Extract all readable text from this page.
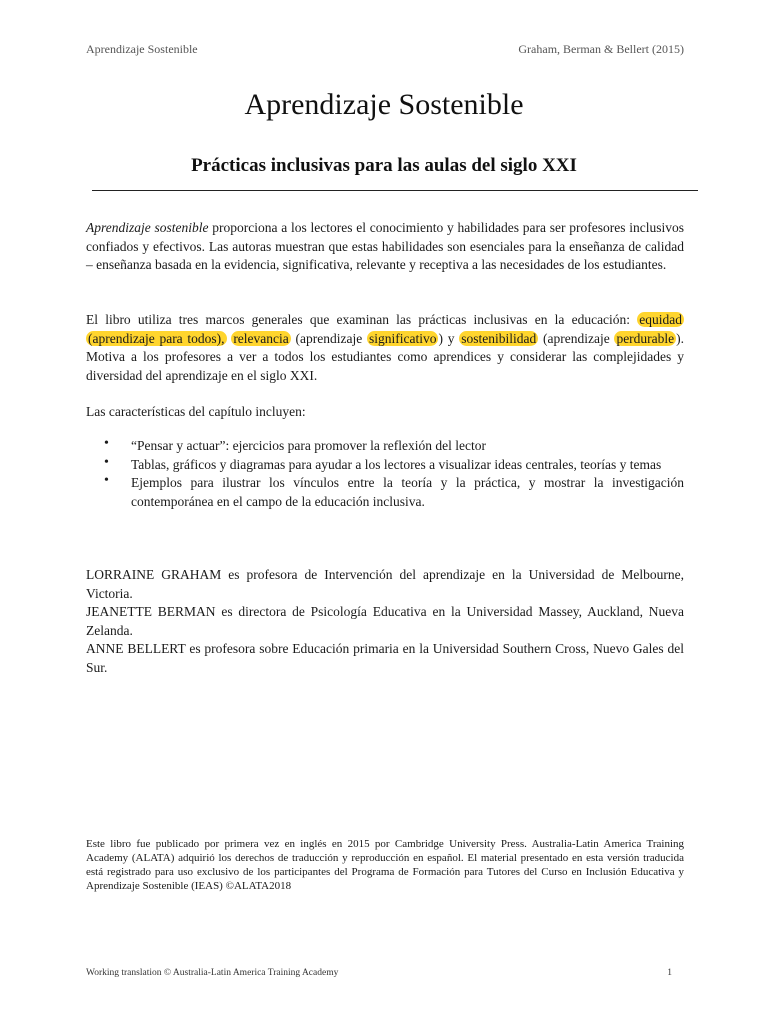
Aprendizaje Sostenible	Graham, Berman & Bellert (2015)
Aprendizaje Sostenible
Prácticas inclusivas para las aulas del siglo XXI

Aprendizaje sostenible proporciona a los lectores el conocimiento y habilidades para ser profesores inclusivos confiados y efectivos. Las autoras muestran que estas habilidades son esenciales para la enseñanza de calidad – enseñanza basada en la evidencia, significativa, relevante y receptiva a las necesidades de los estudiantes.

El libro utiliza tres marcos generales que examinan las prácticas inclusivas en la educación: equidad (aprendizaje para todos), relevancia (aprendizaje significativo ) y sostenibilidad (aprendizaje perdurable ). Motiva a los profesores a ver a todos los estudiantes como aprendices y considerar las complejidades y diversidad del aprendizaje en el siglo XXI.

Las características del capítulo incluyen:

• “Pensar y actuar”: ejercicios para promover la reflexión del lector
• Tablas, gráficos y diagramas para ayudar a los lectores a visualizar ideas centrales, teorías y temas
• Ejemplos para ilustrar los vínculos entre la teoría y la práctica, y mostrar la investigación contemporánea en el campo de la educación inclusiva.

LORRAINE GRAHAM es profesora de Intervención del aprendizaje en la Universidad de Melbourne, Victoria.

JEANETTE BERMAN es directora de Psicología Educativa en la Universidad Massey, Auckland, Nueva Zelanda.

ANNE BELLERT es profesora sobre Educación primaria en la Universidad Southern Cross, Nuevo Gales del Sur.

Este libro fue publicado por primera vez en inglés en 2015 por Cambridge University Press. Australia-Latin America Training Academy (ALATA) adquirió los derechos de traducción y reproducción en español. El material presentado en esta versión traducida está registrado para uso exclusivo de los participantes del Programa de Formación para Tutores del Curso en Inclusión Educativa y Aprendizaje Sostenible (IEAS) ©ALATA2018

Working translation © Australia-Latin America Training Academy	1
